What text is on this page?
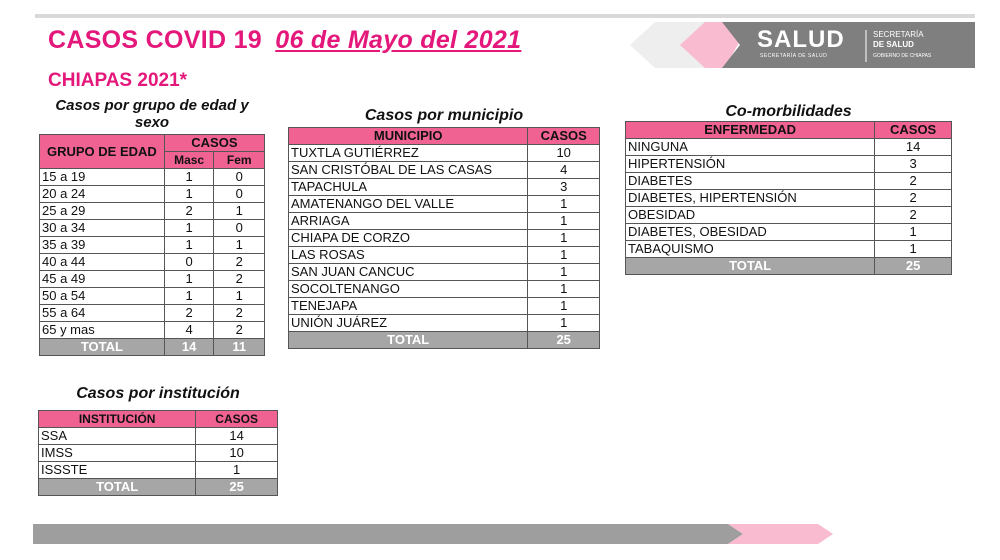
CASOS COVID 19 06 de Mayo del 2021
CHIAPAS 2021*
SALUD
SECRETARÍA DE SALUD
SECRETARÍA
DE SALUD
GOBIERNO DE CHIAPAS
Casos por grupo de edad y sexo
GRUPO DE EDAD	CASOS	
	Masc	Fem
15 a 19	1	0
20 a 24	1	0
25 a 29	2	1
30 a 34	1	0
35 a 39	1	1
40 a 44	0	2
45 a 49	1	2
50 a 54	1	1
55 a 64	2	2
65 y mas	4	2
TOTAL	14	11
Casos por institución
INSTITUCIÓN	CASOS
SSA	14
IMSS	10
ISSSTE	1
TOTAL	25
Casos por municipio
MUNICIPIO	CASOS
TUXTLA GUTIÉRREZ	10
SAN CRISTÓBAL DE LAS CASAS	4
TAPACHULA	3
AMATENANGO DEL VALLE	1
ARRIAGA	1
CHIAPA DE CORZO	1
LAS ROSAS	1
SAN JUAN CANCUC	1
SOCOLTENANGO	1
TENEJAPA	1
UNIÓN JUÁREZ	1
TOTAL	25
Co-morbilidades
ENFERMEDAD	CASOS
NINGUNA	14
HIPERTENSIÓN	3
DIABETES	2
DIABETES, HIPERTENSIÓN	2
OBESIDAD	2
DIABETES, OBESIDAD	1
TABAQUISMO	1
TOTAL	25
